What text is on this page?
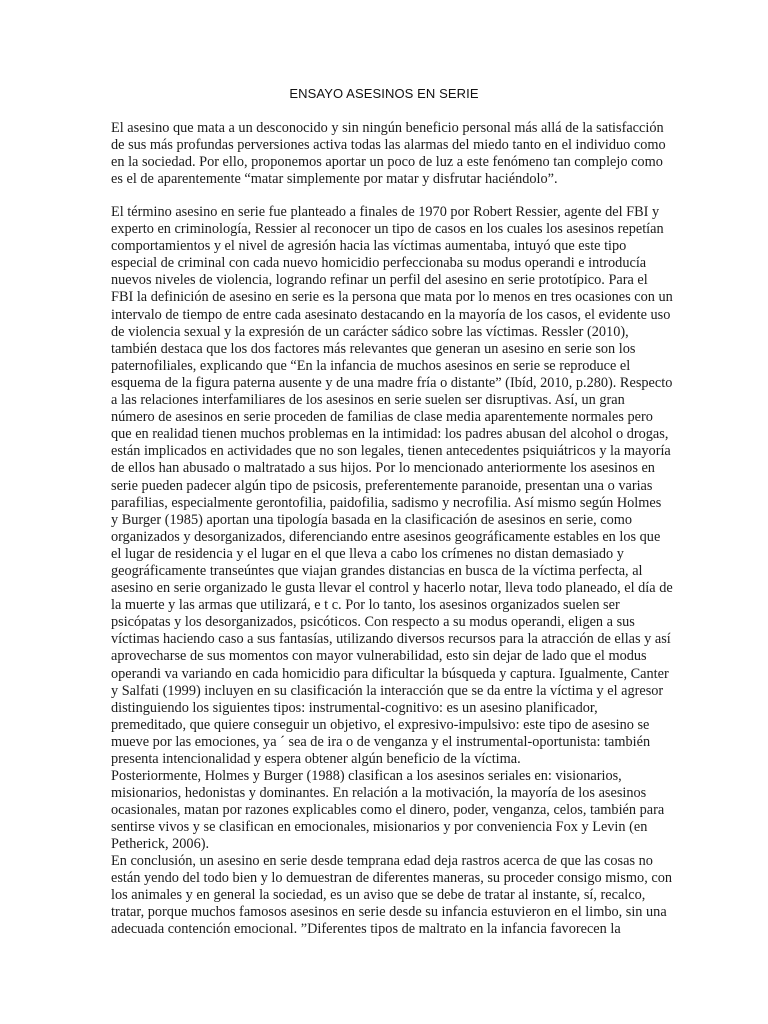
ENSAYO ASESINOS EN SERIE
El asesino que mata a un desconocido y sin ningún beneficio personal más allá de la satisfacción
de sus más profundas perversiones activa todas las alarmas del miedo tanto en el individuo como
en la sociedad. Por ello, proponemos aportar un poco de luz a este fenómeno tan complejo como
es el de aparentemente “matar simplemente por matar y disfrutar haciéndolo”.
El término asesino en serie fue planteado a finales de 1970 por Robert Ressier, agente del FBI y
experto en criminología, Ressier al reconocer un tipo de casos en los cuales los asesinos repetían
comportamientos y el nivel de agresión hacia las víctimas aumentaba, intuyó que este tipo
especial de criminal con cada nuevo homicidio perfeccionaba su modus operandi e introducía
nuevos niveles de violencia, logrando refinar un perfil del asesino en serie prototípico. Para el
FBI la definición de asesino en serie es la persona que mata por lo menos en tres ocasiones con un
intervalo de tiempo de entre cada asesinato destacando en la mayoría de los casos, el evidente uso
de violencia sexual y la expresión de un carácter sádico sobre las víctimas. Ressler (2010),
también destaca que los dos factores más relevantes que generan un asesino en serie son los
paternofiliales, explicando que “En la infancia de muchos asesinos en serie se reproduce el
esquema de la figura paterna ausente y de una madre fría o distante” (Ibíd, 2010, p.280). Respecto
a las relaciones interfamiliares de los asesinos en serie suelen ser disruptivas. Así, un gran
número de asesinos en serie proceden de familias de clase media aparentemente normales pero
que en realidad tienen muchos problemas en la intimidad: los padres abusan del alcohol o drogas,
están implicados en actividades que no son legales, tienen antecedentes psiquiátricos y la mayoría
de ellos han abusado o maltratado a sus hijos. Por lo mencionado anteriormente los asesinos en
serie pueden padecer algún tipo de psicosis, preferentemente paranoide, presentan una o varias
parafilias, especialmente gerontofilia, paidofilia, sadismo y necrofilia. Así mismo según Holmes
y Burger (1985) aportan una tipología basada en la clasificación de asesinos en serie, como
organizados y desorganizados, diferenciando entre asesinos geográficamente estables en los que
el lugar de residencia y el lugar en el que lleva a cabo los crímenes no distan demasiado y
geográficamente transeúntes que viajan grandes distancias en busca de la víctima perfecta, al
asesino en serie organizado le gusta llevar el control y hacerlo notar, lleva todo planeado, el día de
la muerte y las armas que utilizará, e t c. Por lo tanto, los asesinos organizados suelen ser
psicópatas y los desorganizados, psicóticos. Con respecto a su modus operandi, eligen a sus
víctimas haciendo caso a sus fantasías, utilizando diversos recursos para la atracción de ellas y así
aprovecharse de sus momentos con mayor vulnerabilidad, esto sin dejar de lado que el modus
operandi va variando en cada homicidio para dificultar la búsqueda y captura. Igualmente, Canter
y Salfati (1999) incluyen en su clasificación la interacción que se da entre la víctima y el agresor
distinguiendo los siguientes tipos: instrumental-cognitivo: es un asesino planificador,
premeditado, que quiere conseguir un objetivo, el expresivo-impulsivo: este tipo de asesino se
mueve por las emociones, ya ´ sea de ira o de venganza y el instrumental-oportunista: también
presenta intencionalidad y espera obtener algún beneficio de la víctima.
Posteriormente, Holmes y Burger (1988) clasifican a los asesinos seriales en: visionarios,
misionarios, hedonistas y dominantes. En relación a la motivación, la mayoría de los asesinos
ocasionales, matan por razones explicables como el dinero, poder, venganza, celos, también para
sentirse vivos y se clasifican en emocionales, misionarios y por conveniencia Fox y Levin (en
Petherick, 2006).
En conclusión, un asesino en serie desde temprana edad deja rastros acerca de que las cosas no
están yendo del todo bien y lo demuestran de diferentes maneras, su proceder consigo mismo, con
los animales y en general la sociedad, es un aviso que se debe de tratar al instante, sí, recalco,
tratar, porque muchos famosos asesinos en serie desde su infancia estuvieron en el limbo, sin una
adecuada contención emocional. ”Diferentes tipos de maltrato en la infancia favorecen la
